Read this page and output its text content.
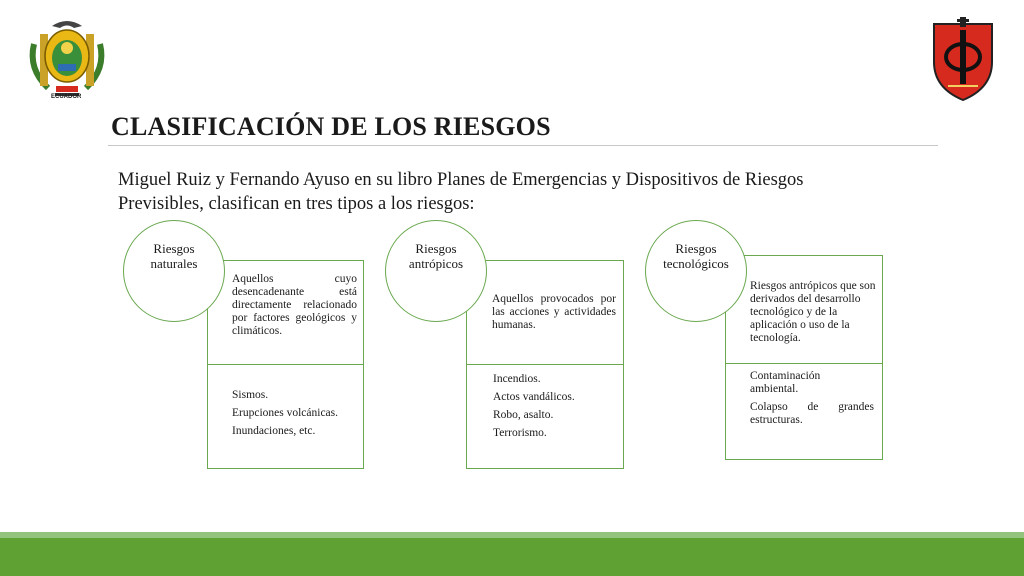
ECUADOR
CLASIFICACIÓN DE LOS RIESGOS
Miguel Ruiz y Fernando Ayuso en su libro Planes de Emergencias y Dispositivos de Riesgos Previsibles, clasifican en tres tipos a los riesgos:
Aquellos cuyo desencadenante está directamente relacionado por factores geológicos y climáticos.
Sismos.
Erupciones volcánicas.
Inundaciones, etc.
Riesgos naturales
Aquellos provocados por las acciones y actividades humanas.
Incendios.
Actos vandálicos.
Robo, asalto.
Terrorismo.
Riesgos antrópicos
Riesgos antrópicos que son derivados del desarrollo tecnológico y de la aplicación o uso de la tecnología.
Contaminación ambiental.
Colapso de grandes estructuras.
Riesgos tecnológicos
